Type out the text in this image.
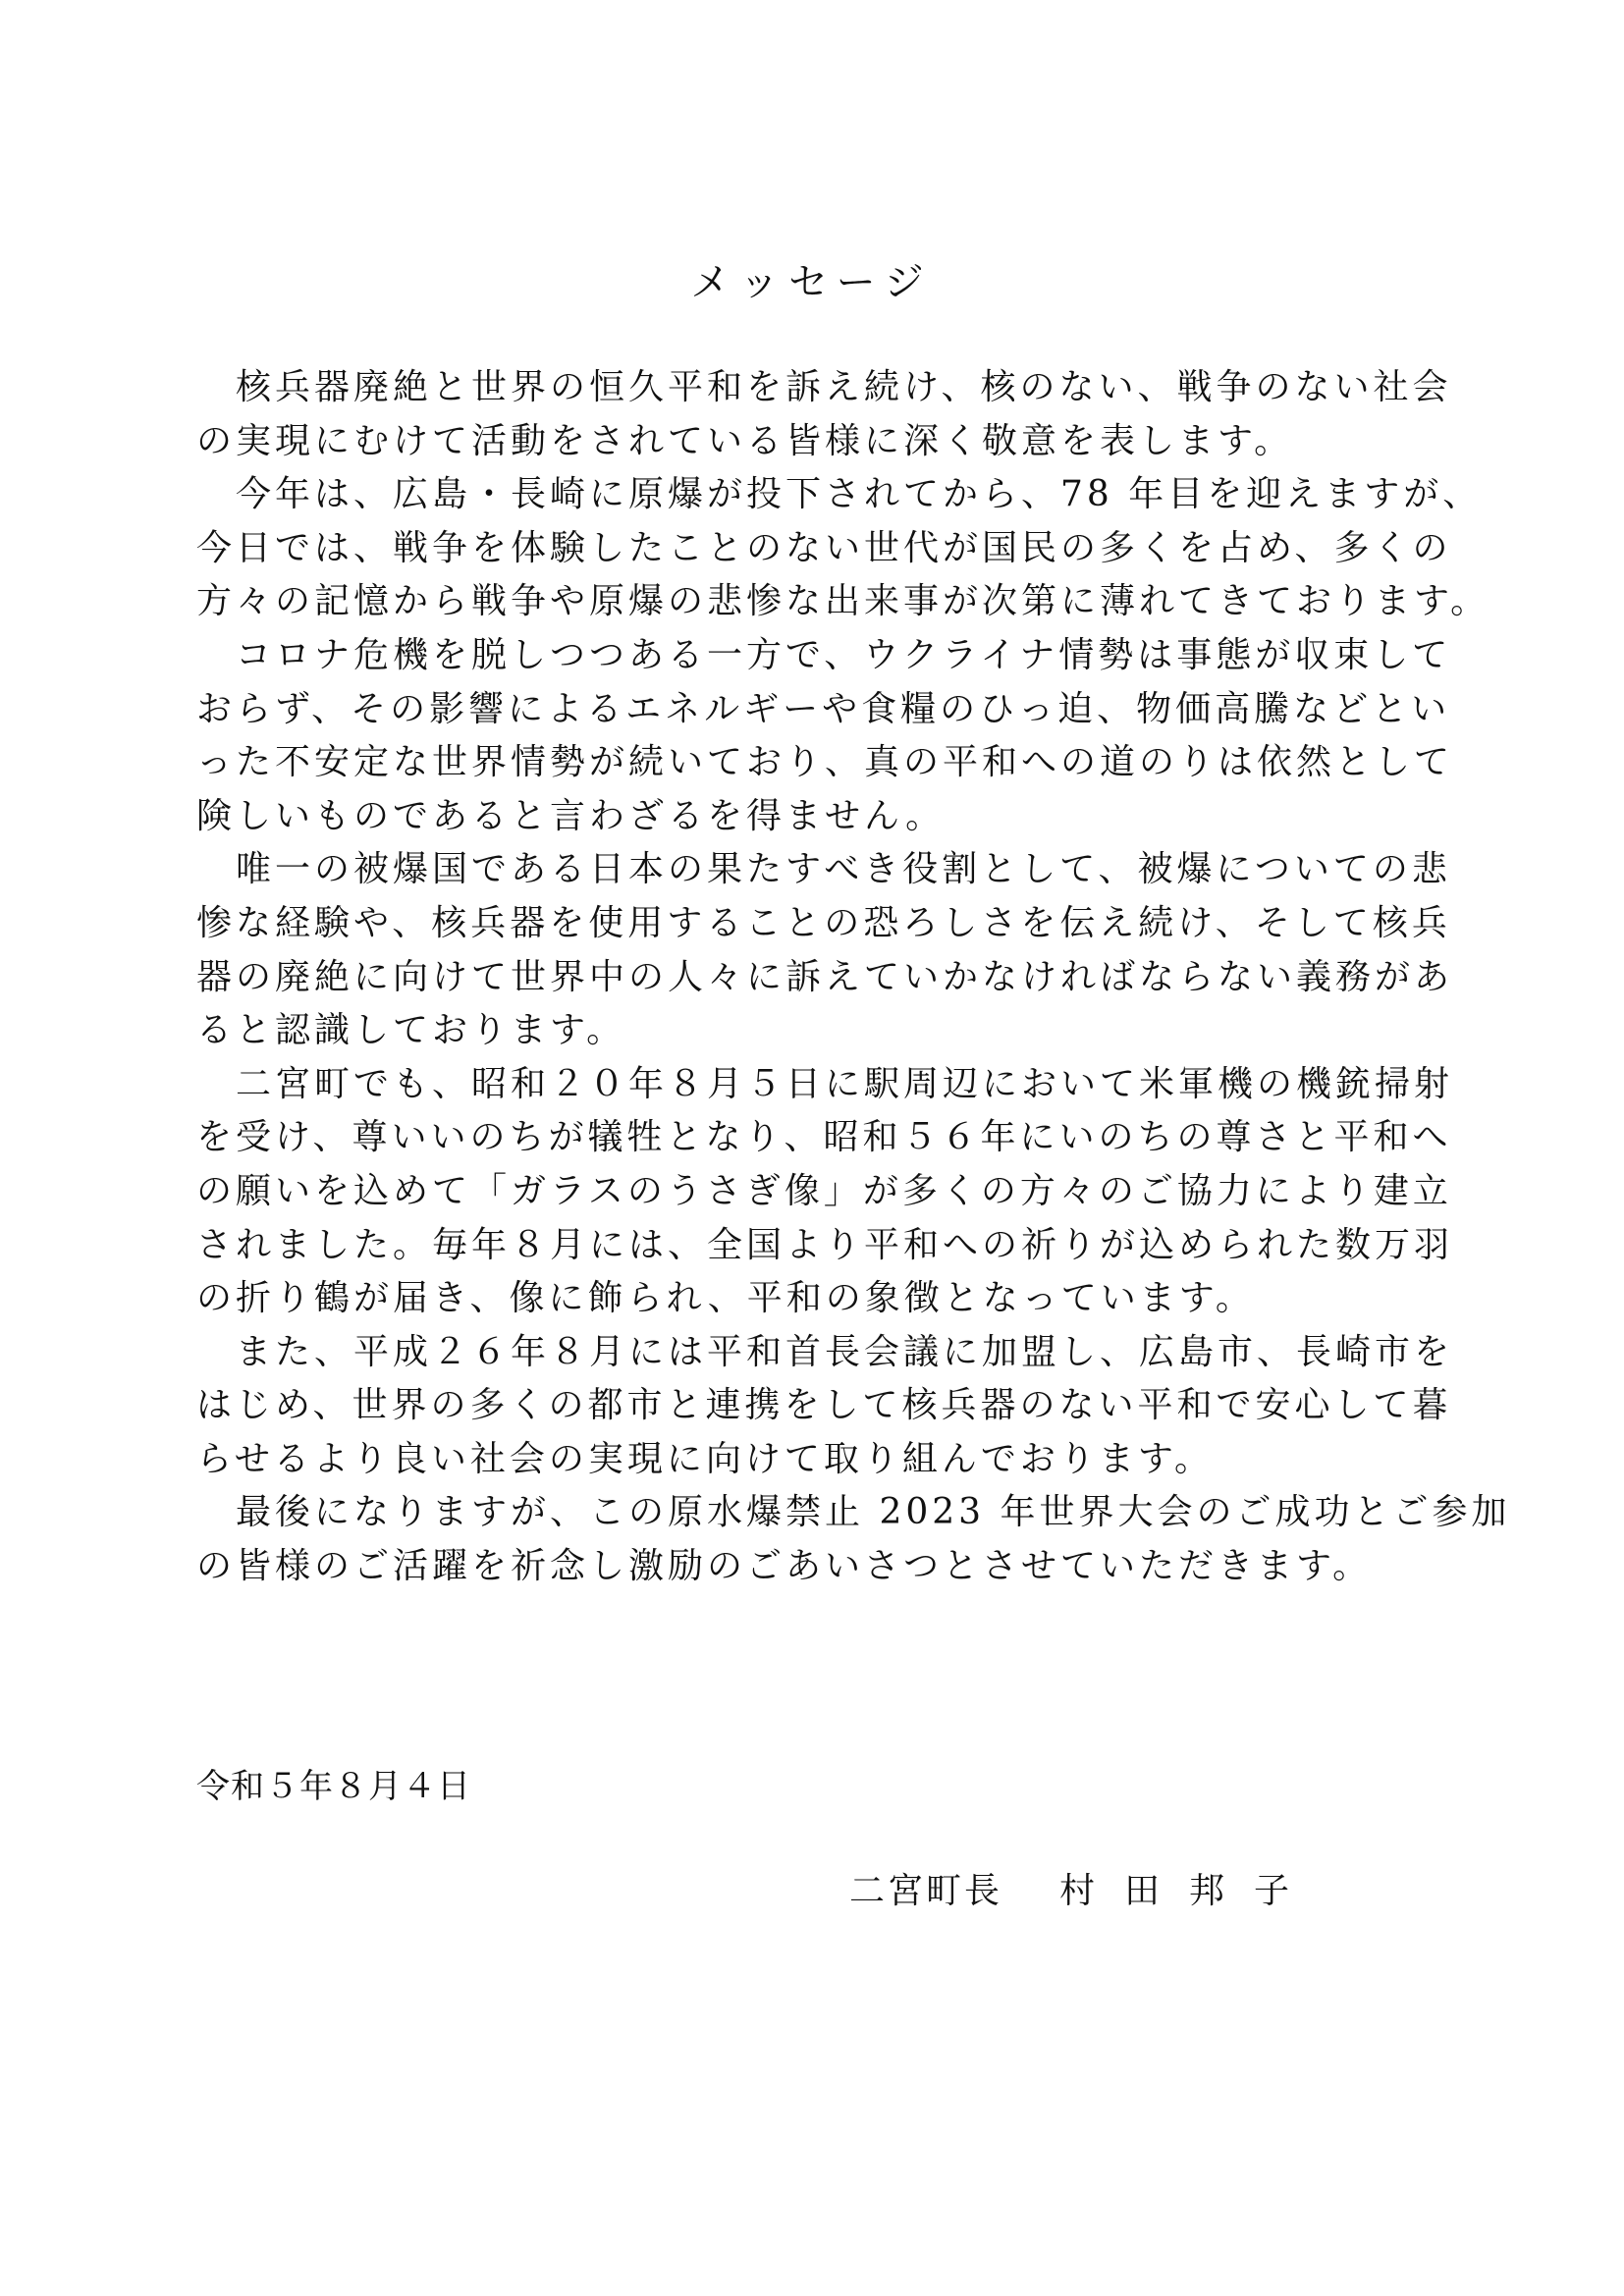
メッセージ

　核兵器廃絶と世界の恒久平和を訴え続け、核のない、戦争のない社会

の実現にむけて活動をされている皆様に深く敬意を表します。

　今年は、広島・長崎に原爆が投下されてから、78 年目を迎えますが、

今日では、戦争を体験したことのない世代が国民の多くを占め、多くの

方々の記憶から戦争や原爆の悲惨な出来事が次第に薄れてきております。

　コロナ危機を脱しつつある一方で、ウクライナ情勢は事態が収束して

おらず、その影響によるエネルギーや食糧のひっ迫、物価高騰などとい

った不安定な世界情勢が続いており、真の平和への道のりは依然として

険しいものであると言わざるを得ません。

　唯一の被爆国である日本の果たすべき役割として、被爆についての悲

惨な経験や、核兵器を使用することの恐ろしさを伝え続け、そして核兵

器の廃絶に向けて世界中の人々に訴えていかなければならない義務があ

ると認識しております。

　二宮町でも、昭和２０年８月５日に駅周辺において米軍機の機銃掃射

を受け、尊いいのちが犠牲となり、昭和５６年にいのちの尊さと平和へ

の願いを込めて「ガラスのうさぎ像」が多くの方々のご協力により建立

されました。毎年８月には、全国より平和への祈りが込められた数万羽

の折り鶴が届き、像に飾られ、平和の象徴となっています。

　また、平成２６年８月には平和首長会議に加盟し、広島市、長崎市を

はじめ、世界の多くの都市と連携をして核兵器のない平和で安心して暮

らせるより良い社会の実現に向けて取り組んでおります。

　最後になりますが、この原水爆禁止 2023 年世界大会のご成功とご参加

の皆様のご活躍を祈念し激励のごあいさつとさせていただきます。

令和５年８月４日
二宮町長 村田邦子
